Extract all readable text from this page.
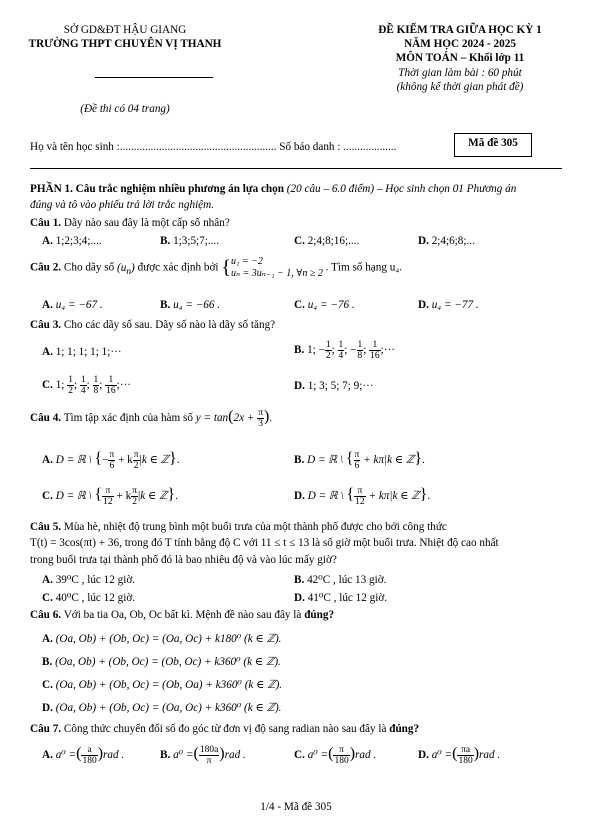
SỞ GD&ĐT HẬU GIANG
TRƯỜNG THPT CHUYÊN VỊ THANH
(Đề thi có 04 trang)
ĐỀ KIỂM TRA GIỮA HỌC KỲ 1
NĂM HỌC 2024 - 2025
MÔN TOÁN – Khối lớp 11
Thời gian làm bài : 60 phút
(không kể thời gian phát đề)
Họ và tên học sinh :........................................................ Số báo danh : ...................	Mã đề 305
PHẦN 1. Câu trắc nghiệm nhiều phương án lựa chọn (20 câu – 6.0 điểm) – Học sinh chọn 01 Phương án
đúng và tô vào phiếu trả lời trắc nghiệm.
Câu 1. Dãy nào sau đây là một cấp số nhân?
A. 1;2;3;4;....	B. 1;3;5;7;....	C. 2;4;8;16;....	D. 2;4;6;8;...
Câu 2. Cho dãy số $(u_n)$ được xác định bởi {u₁ = −2
uₙ = 3uₙ₋₁ − 1, ∀n ≥ 2 . Tìm số hạng u₄.
A. u₄ = −67 .	B. u₄ = −66 .	C. u₄ = −76 .	D. u₄ = −77 .
Câu 3. Cho các dãy số sau. Dãy số nào là dãy số tăng?
A. 1; 1; 1; 1; 1;···	B. 1; − $\frac{1}{2}$ ; $\frac{1}{4}$ ; − $\frac{1}{8}$ ; $\frac{1}{16}$ ;···
C. 1; $\frac{1}{2}$ ; $\frac{1}{4}$ ; $\frac{1}{8}$ ; $\frac{1}{16}$ ;···	D. 1; 3; 5; 7; 9;···
Câu 4. Tìm tập xác định của hàm số $y = \tan(2x + \frac{\pi}{3}$ ).
A. D = ℝ \ {− $\frac{\pi}{6} + k \frac{\pi}{2} |k$ ∈ ℤ}.	B. D = ℝ \ { $\frac{\pi}{6} + k\pi|k$ ∈ ℤ}.
C. D = ℝ \ { $\frac{\pi}{12} + k \frac{\pi}{2} |k$ ∈ ℤ}.	D. D = ℝ \ { $\frac{\pi}{12} + k\pi|k$ ∈ ℤ}.
Câu 5. Mùa hè, nhiệt độ trung bình một buổi trưa của một thành phố được cho bởi công thức
T(t) = 3cos(πt) + 36, trong đó T tính bằng độ C với 11 ≤ t ≤ 13 là số giờ một buổi trưa. Nhiệt độ cao nhất
trong buổi trưa tại thành phố đó là bao nhiêu độ và vào lúc mấy giờ?
A. 39⁰C , lúc 12 giờ.	B. 42⁰C , lúc 13 giờ.
C. 40⁰C , lúc 12 giờ.	D. 41⁰C , lúc 12 giờ.
Câu 6. Với ba tia Oa, Ob, Oc bất kì. Mệnh đề nào sau đây là đúng?
A. (Oa, Ob) + (Ob, Oc) = (Oa, Oc) + k180⁰ (k ∈ ℤ).
B. (Oa, Ob) + (Ob, Oc) = (Ob, Oc) + k360⁰ (k ∈ ℤ).
C. (Oa, Ob) + (Ob, Oc) = (Ob, Oa) + k360⁰ (k ∈ ℤ).
D. (Oa, Ob) + (Ob, Oc) = (Oa, Oc) + k360⁰ (k ∈ ℤ).
Câu 7. Công thức chuyển đổi số đo góc từ đơn vị độ sang radian nào sau đây là đúng?
A. a⁰ =( $\frac{a}{180} )rad$ .	B. a⁰ =( $\frac{180a}{\pi} )rad$ .	C. a⁰ =( $\frac{\pi}{180} )rad$ .	D. a⁰ =( $\frac{\pi a}{180} )rad$ .
1/4 - Mã đề 305
